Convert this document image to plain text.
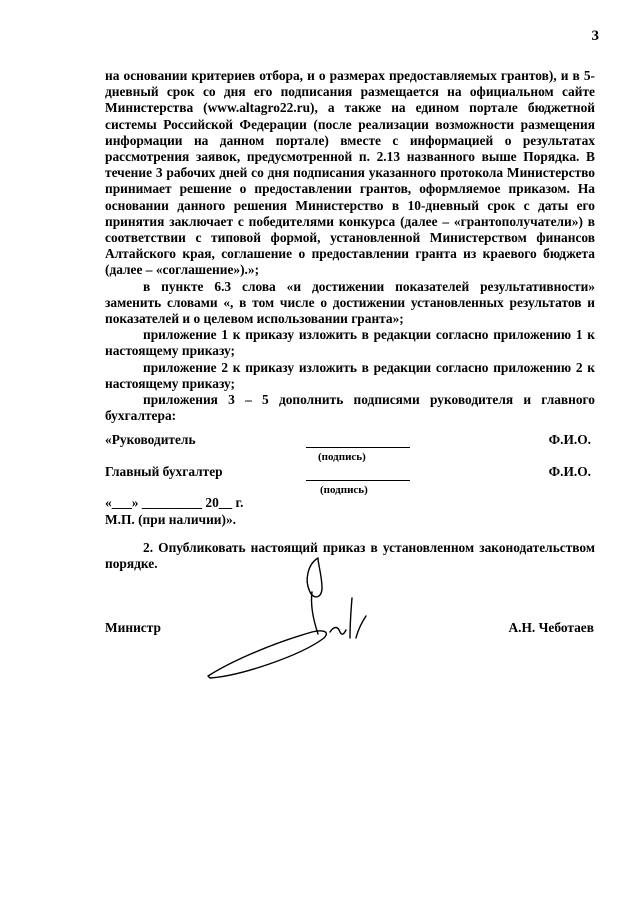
3

на основании критериев отбора, и о размерах предоставляемых грантов), и в 5-дневный срок со дня его подписания размещается на официальном сайте Министерства (www.altagro22.ru), а также на едином портале бюджетной системы Российской Федерации (после реализации возможности размещения информации на данном портале) вместе с информацией о результатах рассмотрения заявок, предусмотренной п. 2.13 названного выше Порядка. В течение 3 рабочих дней со дня подписания указанного протокола Министерство принимает решение о предоставлении грантов, оформляемое приказом. На основании данного решения Министерство в 10-дневный срок с даты его принятия заключает с победителями конкурса (далее – «грантополучатели») в соответствии с типовой формой, установленной Министерством финансов Алтайского края, соглашение о предоставлении гранта из краевого бюджета (далее – «соглашение»).»;

в пункте 6.3 слова «и достижении показателей результативности» заменить словами «, в том числе о достижении установленных результатов и показателей и о целевом использовании гранта»;

приложение 1 к приказу изложить в редакции согласно приложению 1 к настоящему приказу;

приложение 2 к приказу изложить в редакции согласно приложению 2 к настоящему приказу;

приложения 3 – 5 дополнить подписями руководителя и главного бухгалтера:

«Руководитель	Ф.И.О.
(подпись)
Главный бухгалтер	Ф.И.О.
(подпись)
«___» _________ 20__ г.
М.П. (при наличии)».

2. Опубликовать настоящий приказ в установленном законодательством порядке.

Министр	А.Н. Чеботаев
